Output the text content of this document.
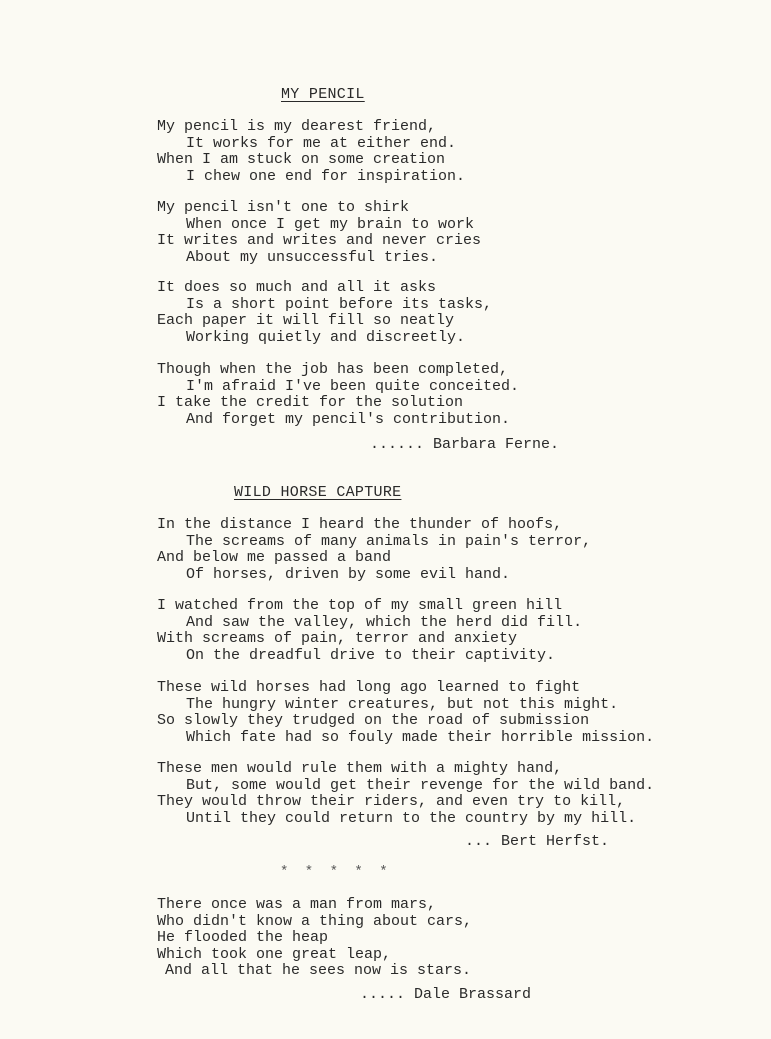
MY PENCIL
My pencil is my dearest friend,
It works for me at either end.
When I am stuck on some creation
I chew one end for inspiration.
My pencil isn't one to shirk
When once I get my brain to work
It writes and writes and never cries
About my unsuccessful tries.
It does so much and all it asks
Is a short point before its tasks,
Each paper it will fill so neatly
Working quietly and discreetly.
Though when the job has been completed,
I'm afraid I've been quite conceited.
I take the credit for the solution
And forget my pencil's contribution.
...... Barbara Ferne.
WILD HORSE CAPTURE
In the distance I heard the thunder of hoofs,
The screams of many animals in pain's terror,
And below me passed a band
Of horses, driven by some evil hand.
I watched from the top of my small green hill
And saw the valley, which the herd did fill.
With screams of pain, terror and anxiety
On the dreadful drive to their captivity.
These wild horses had long ago learned to fight
The hungry winter creatures, but not this might.
So slowly they trudged on the road of submission
Which fate had so fouly made their horrible mission.
These men would rule them with a mighty hand,
But, some would get their revenge for the wild band.
They would throw their riders, and even try to kill,
Until they could return to the country by my hill.
... Bert Herfst.
* * * * *
There once was a man from mars,
Who didn't know a thing about cars,
He flooded the heap
Which took one great leap,
And all that he sees now is stars.
..... Dale Brassard
